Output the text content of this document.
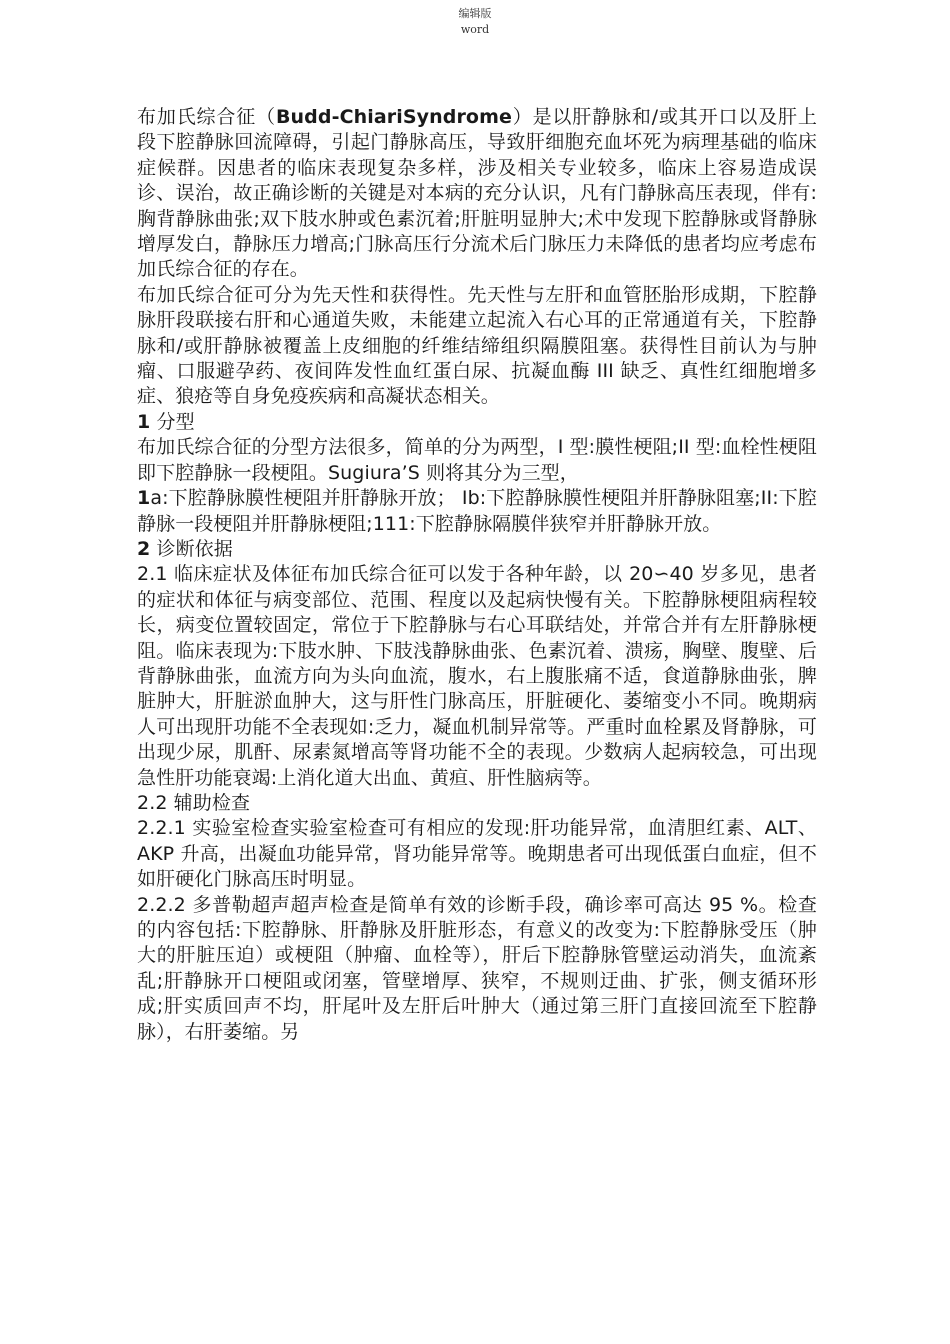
编辑版
word

布加氏综合征（Budd-ChiariSyndrome）是以肝静脉和/或其开口以及肝上段下腔静脉回流障碍，引起门静脉高压，导致肝细胞充血坏死为病理基础的临床症候群。因患者的临床表现复杂多样，涉及相关专业较多，临床上容易造成误诊、误治，故正确诊断的关键是对本病的充分认识，凡有门静脉高压表现，伴有:胸背静脉曲张;双下肢水肿或色素沉着;肝脏明显肿大;术中发现下腔静脉或肾静脉增厚发白，静脉压力增高;门脉高压行分流术后门脉压力未降低的患者均应考虑布加氏综合征的存在。

布加氏综合征可分为先天性和获得性。先天性与左肝和血管胚胎形成期，下腔静脉肝段联接右肝和心通道失败，未能建立起流入右心耳的正常通道有关，下腔静脉和/或肝静脉被覆盖上皮细胞的纤维结缔组织隔膜阻塞。获得性目前认为与肿瘤、口服避孕药、夜间阵发性血红蛋白尿、抗凝血酶 III 缺乏、真性红细胞增多症、狼疮等自身免疫疾病和高凝状态相关。

1 分型

布加氏综合征的分型方法很多，简单的分为两型，I 型:膜性梗阻;II 型:血栓性梗阻即下腔静脉一段梗阻。Sugiura’S 则将其分为三型，

1a:下腔静脉膜性梗阻并肝静脉开放； Ib:下腔静脉膜性梗阻并肝静脉阻塞;II:下腔静脉一段梗阻并肝静脉梗阻;111:下腔静脉隔膜伴狭窄并肝静脉开放。

2 诊断依据

2.1 临床症状及体征布加氏综合征可以发于各种年龄，以 20∽40 岁多见，患者的症状和体征与病变部位、范围、程度以及起病快慢有关。下腔静脉梗阻病程较长，病变位置较固定，常位于下腔静脉与右心耳联结处，并常合并有左肝静脉梗阻。临床表现为:下肢水肿、下肢浅静脉曲张、色素沉着、溃疡，胸壁、腹壁、后背静脉曲张，血流方向为头向血流，腹水，右上腹胀痛不适，食道静脉曲张，脾脏肿大，肝脏淤血肿大，这与肝性门脉高压，肝脏硬化、萎缩变小不同。晚期病人可出现肝功能不全表现如:乏力，凝血机制异常等。严重时血栓累及肾静脉，可出现少尿，肌酐、尿素氮增高等肾功能不全的表现。少数病人起病较急，可出现急性肝功能衰竭:上消化道大出血、黄疸、肝性脑病等。

2.2 辅助检查

2.2.1 实验室检查实验室检查可有相应的发现:肝功能异常，血清胆红素、ALT、AKP 升高，出凝血功能异常，肾功能异常等。晚期患者可出现低蛋白血症，但不如肝硬化门脉高压时明显。

2.2.2 多普勒超声超声检查是简单有效的诊断手段，确诊率可高达 95 %。检查的内容包括:下腔静脉、肝静脉及肝脏形态，有意义的改变为:下腔静脉受压（肿大的肝脏压迫）或梗阻（肿瘤、血栓等），肝后下腔静脉管壁运动消失，血流紊乱;肝静脉开口梗阻或闭塞，管壁增厚、狭窄，不规则迂曲、扩张，侧支循环形成;肝实质回声不均，肝尾叶及左肝后叶肿大（通过第三肝门直接回流至下腔静脉），右肝萎缩。另
